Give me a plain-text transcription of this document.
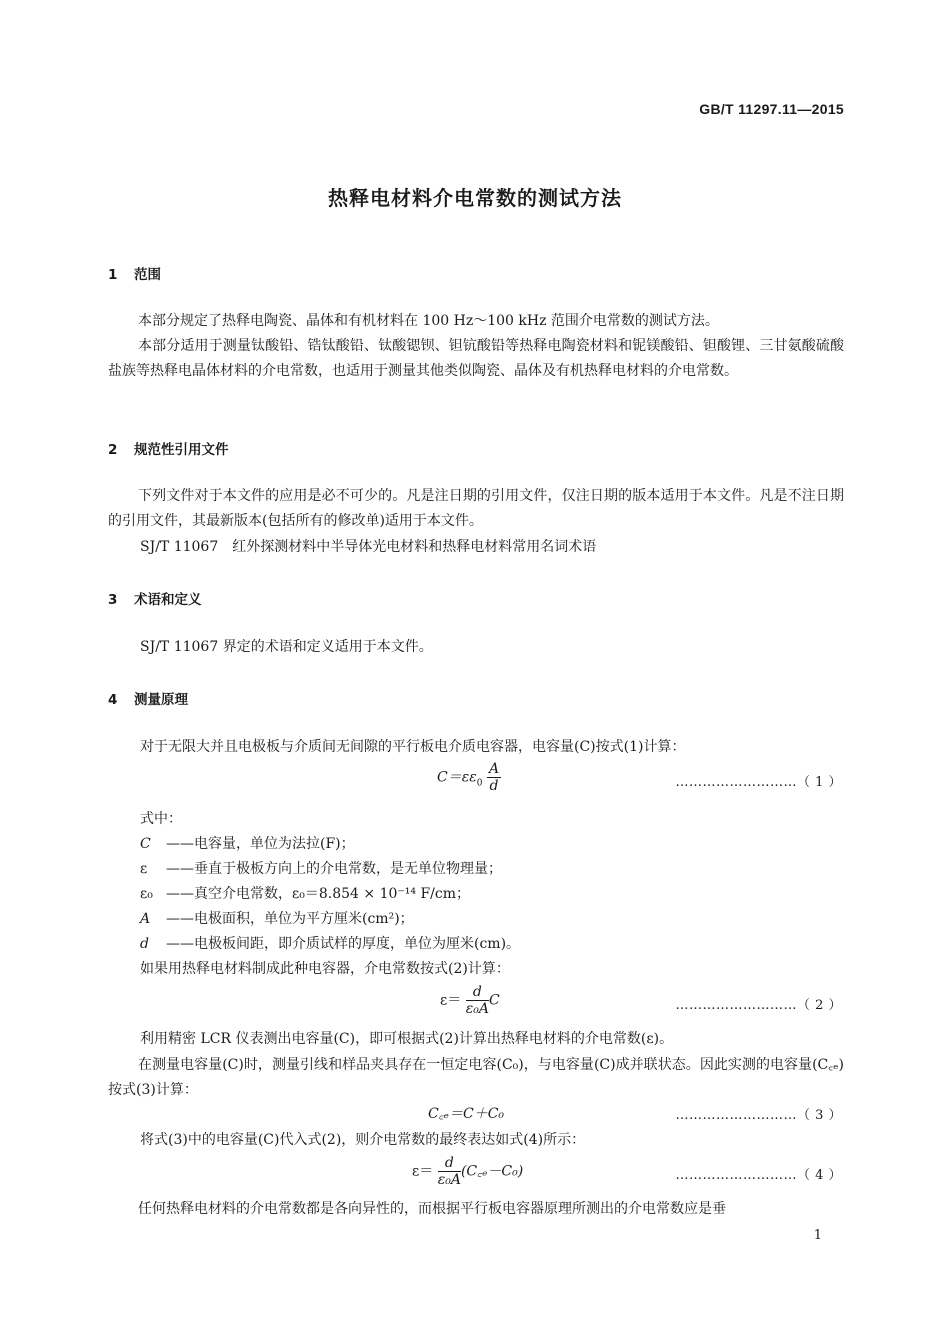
GB/T 11297.11—2015
热释电材料介电常数的测试方法
1 范围
本部分规定了热释电陶瓷、晶体和有机材料在 100 Hz～100 kHz 范围介电常数的测试方法。
本部分适用于测量钛酸铅、锆钛酸铅、钛酸锶钡、钽钪酸铅等热释电陶瓷材料和铌镁酸铅、钽酸锂、三甘氨酸硫酸盐族等热释电晶体材料的介电常数，也适用于测量其他类似陶瓷、晶体及有机热释电材料的介电常数。
2 规范性引用文件
下列文件对于本文件的应用是必不可少的。凡是注日期的引用文件，仅注日期的版本适用于本文件。凡是不注日期的引用文件，其最新版本(包括所有的修改单)适用于本文件。
SJ/T 11067　红外探测材料中半导体光电材料和热释电材料常用名词术语
3 术语和定义
SJ/T 11067 界定的术语和定义适用于本文件。
4 测量原理
对于无限大并且电极板与介质间无间隙的平行板电介质电容器，电容量(C)按式(1)计算：
$C=\varepsilon\varepsilon_0 \frac{A}{d}$	………………………（ 1 ）
式中：
C ——电容量，单位为法拉(F)；
ε ——垂直于极板方向上的介电常数，是无单位物理量；
ε₀ ——真空介电常数，ε₀＝8.854 × 10⁻¹⁴ F/cm；
A ——电极面积，单位为平方厘米(cm²)；
d ——电极板间距，即介质试样的厚度，单位为厘米(cm)。
如果用热释电材料制成此种电容器，介电常数按式(2)计算：
$\varepsilon= \frac{d}{\text{ε₀A}}$ C	………………………（ 2 ）
利用精密 LCR 仪表测出电容量(C)，即可根据式(2)计算出热释电材料的介电常数(ε)。
在测量电容量(C)时，测量引线和样品夹具存在一恒定电容(C₀)，与电容量(C)成并联状态。因此实测的电容量(C꜀ₑ)按式(3)计算：
C꜀ₑ＝C＋C₀	………………………（ 3 ）
将式(3)中的电容量(C)代入式(2)，则介电常数的最终表达如式(4)所示：
$\varepsilon= \frac{d}{\text{ε₀A}}$ (C꜀ₑ－C₀)	………………………（ 4 ）
任何热释电材料的介电常数都是各向异性的，而根据平行板电容器原理所测出的介电常数应是垂
1
